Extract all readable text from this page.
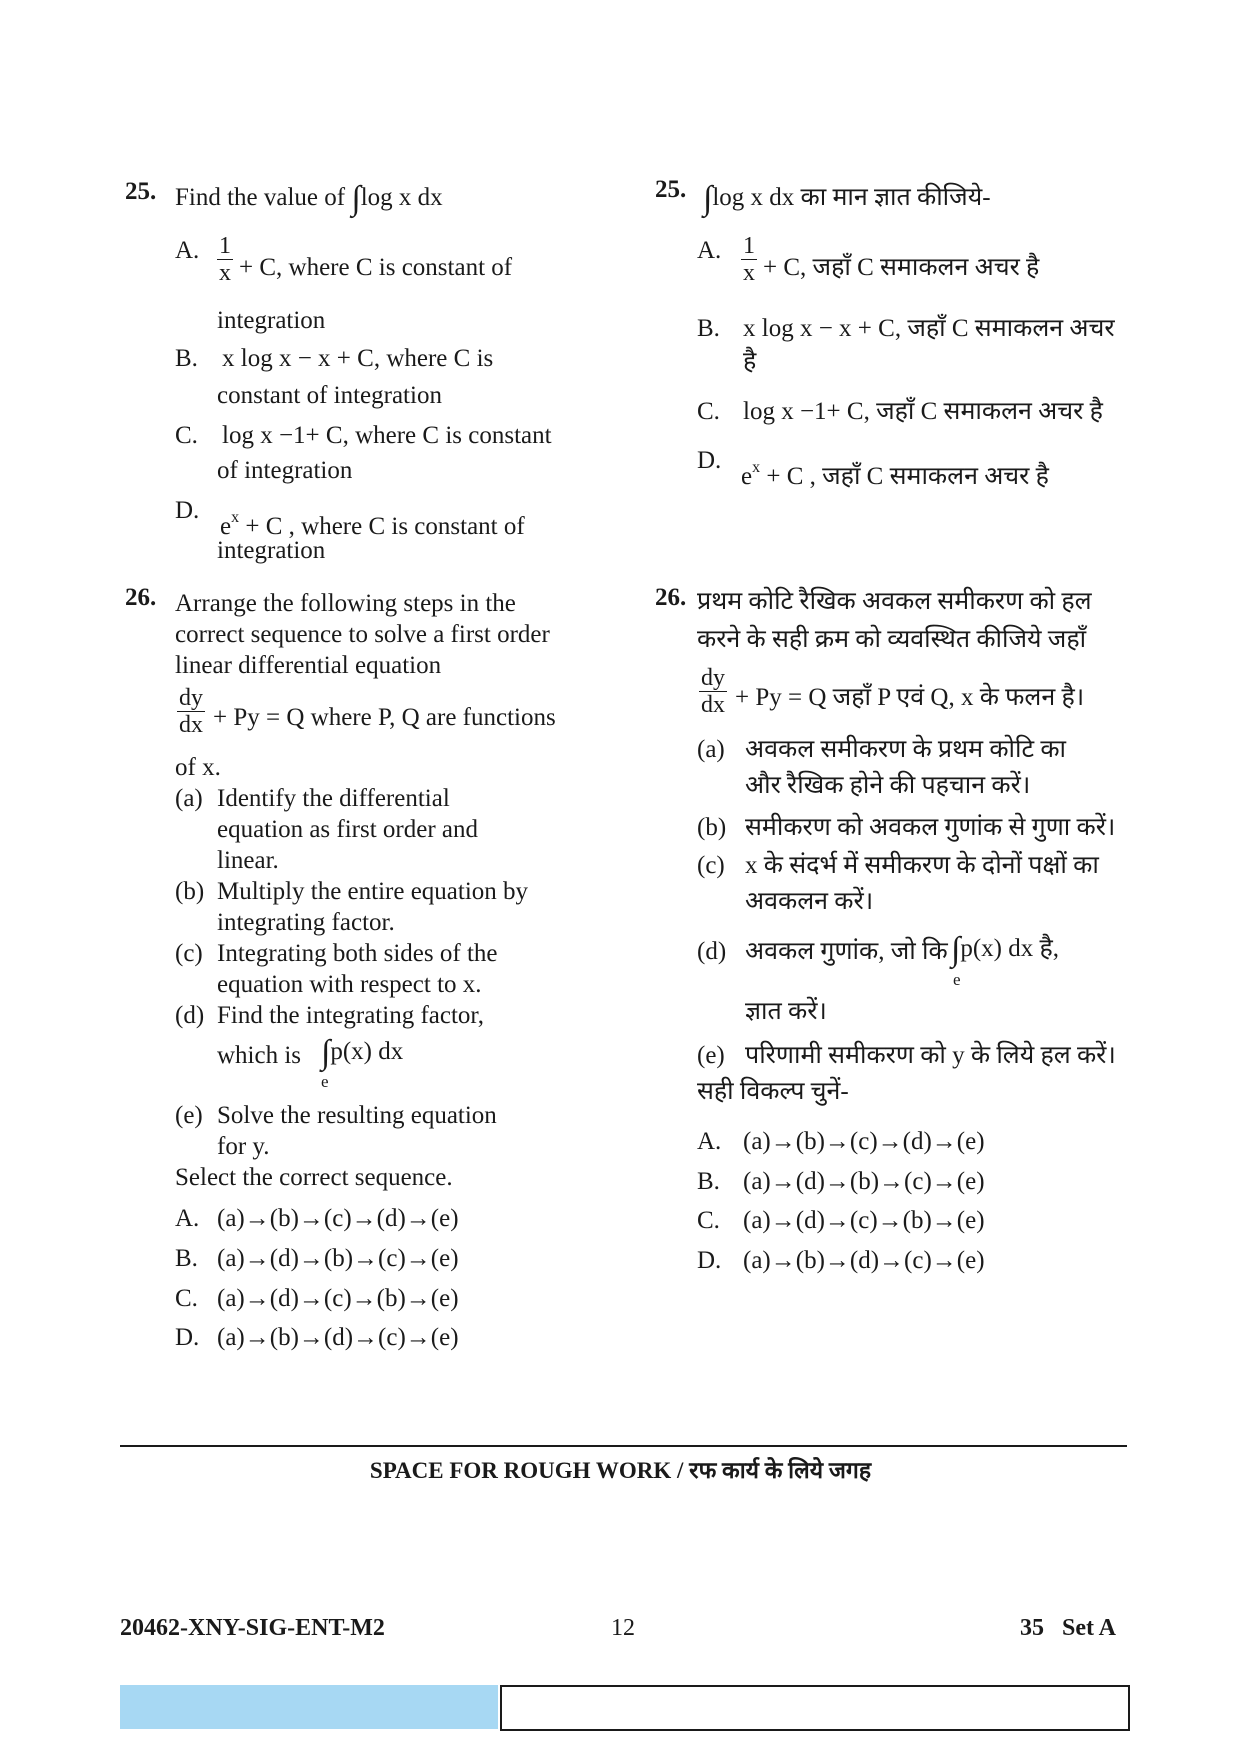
25. Find the value of ∫log x dx
A. $\frac{1}{x} + C$, where C is constant of
integration
B. x log x − x + C, where C is
constant of integration
C. log x −1+ C, where C is constant
of integration
D.
$e^x + C$ , where C is constant of
integration
26. Arrange the following steps in the
correct sequence to solve a first order
linear differential equation
$\frac{dy}{dx} + Py = Q$ where P, Q are functions
of x.
(a) Identify the differential
equation as first order and
linear.
(b) Multiply the entire equation by
integrating factor.
(c) Integrating both sides of the
equation with respect to x.
(d) Find the integrating factor,
which is ∫p(x) dx
e
(e) Solve the resulting equation
for y.
Select the correct sequence.
A. (a)→(b)→(c)→(d)→(e)
B. (a)→(d)→(b)→(c)→(e)
C. (a)→(d)→(c)→(b)→(e)
D. (a)→(b)→(d)→(c)→(e)
25. ∫log x dx का मान ज्ञात कीजिये-
A. $\frac{1}{x} + C$, जहाँ C समाकलन अचर है
B. x log x − x + C, जहाँ C समाकलन अचर
है
C. log x −1+ C, जहाँ C समाकलन अचर है
D.
$e^x + C$ , जहाँ C समाकलन अचर है
26. प्रथम कोटि रैखिक अवकल समीकरण को हल
करने के सही क्रम को व्यवस्थित कीजिये जहाँ
$\frac{dy}{dx} + Py = Q$ जहाँ P एवं Q, x के फलन है।
(a) अवकल समीकरण के प्रथम कोटि का
और रैखिक होने की पहचान करें।
(b) समीकरण को अवकल गुणांक से गुणा करें।
(c) x के संदर्भ में समीकरण के दोनों पक्षों का
अवकलन करें।
(d) अवकल गुणांक, जो कि ∫p(x) dx है,
e
ज्ञात करें।
(e) परिणामी समीकरण को y के लिये हल करें।
सही विकल्प चुनें-
A. (a)→(b)→(c)→(d)→(e)
B. (a)→(d)→(b)→(c)→(e)
C. (a)→(d)→(c)→(b)→(e)
D. (a)→(b)→(d)→(c)→(e)
SPACE FOR ROUGH WORK / रफ कार्य के लिये जगह
20462-XNY-SIG-ENT-M2	12	35   Set A
